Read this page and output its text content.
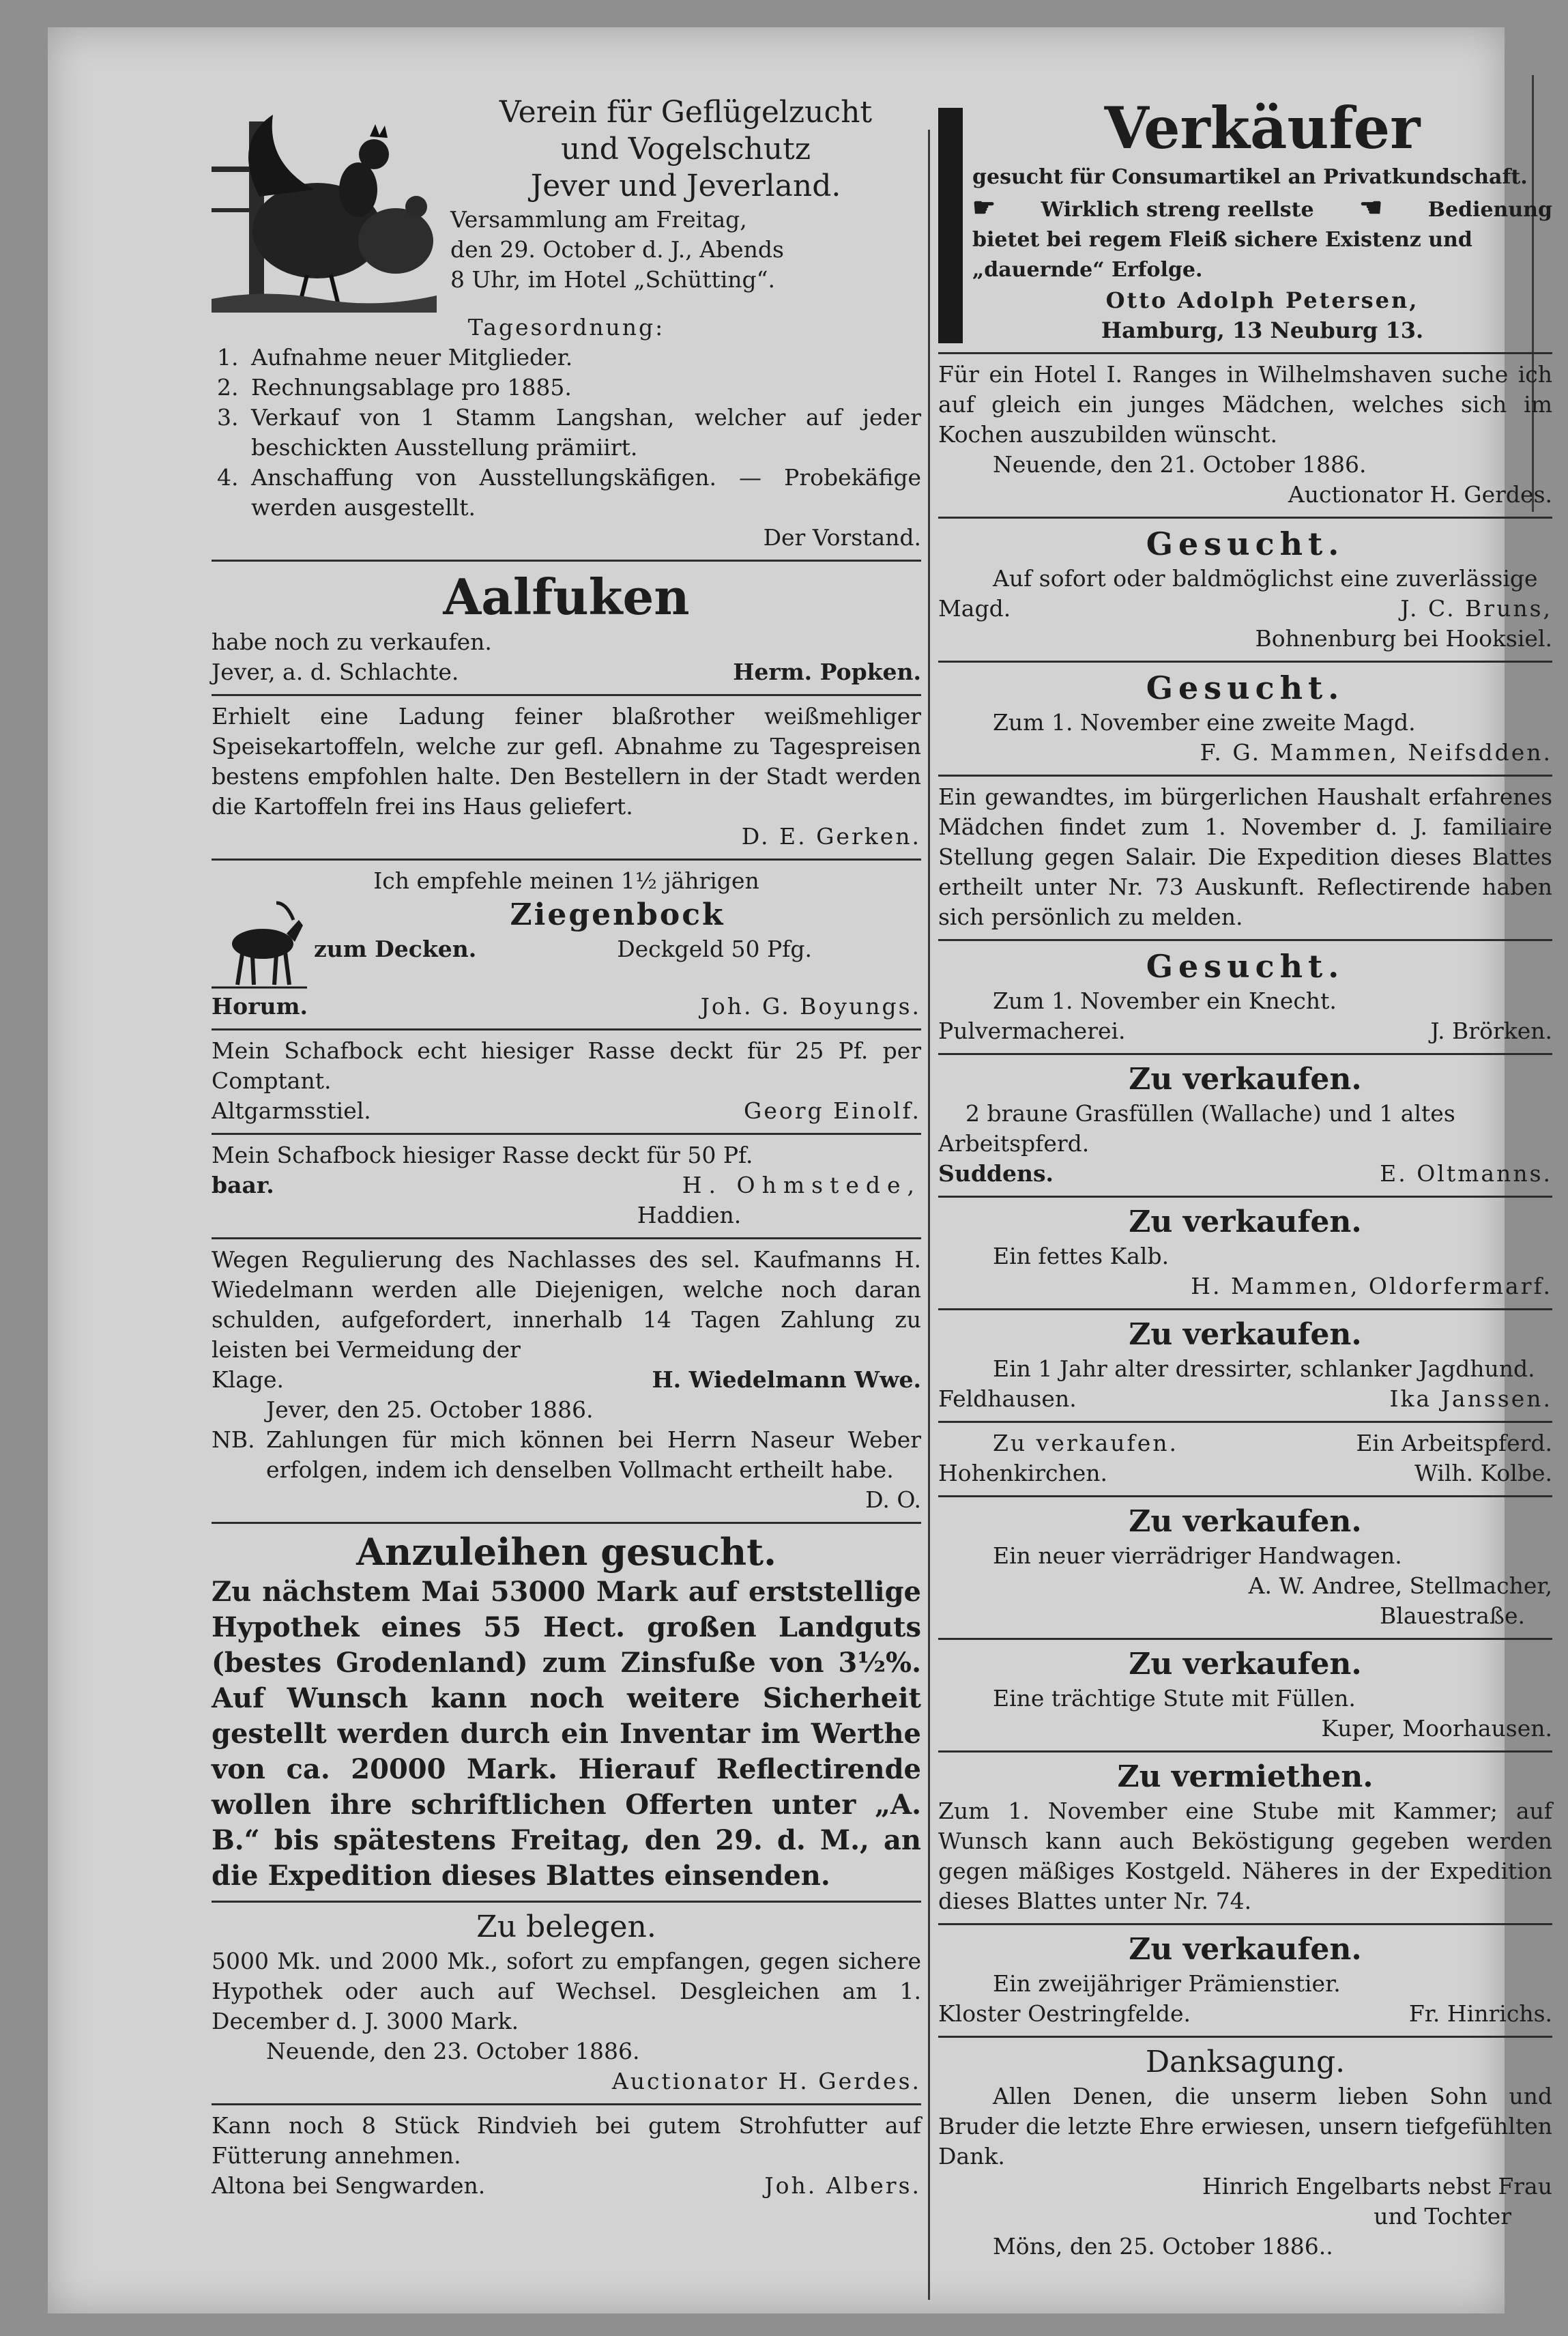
Verein für Geflügelzucht

und Vogelschutz

Jever und Jeverland.

Versammlung am Freitag,

den 29. October d. J., Abends

8 Uhr, im Hotel „Schütting“.

Tagesordnung:

1. Aufnahme neuer Mitglieder.
2. Rechnungsablage pro 1885.
3. Verkauf von 1 Stamm Langshan, welcher auf jeder beschickten Ausstellung prämiirt.
4. Anschaffung von Ausstellungskäfigen. — Probekäfige werden ausgestellt.

Der Vorstand.

Aalfuken

habe noch zu verkaufen.

Jever, a. d. Schlachte.	Herm. Popken.

Erhielt eine Ladung feiner blaßrother weißmehliger Speisekartoffeln, welche zur gefl. Abnahme zu Tagespreisen bestens empfohlen halte. Den Bestellern in der Stadt werden die Kartoffeln frei ins Haus geliefert.

D. E. Gerken.

Ich empfehle meinen 1½ jährigen

Ziegenbock

zum Decken.	Deckgeld 50 Pfg.
Horum.	Joh. G. Boyungs.

Mein Schafbock echt hiesiger Rasse deckt für 25 Pf. per Comptant.

Altgarmsstiel.	Georg Einolf.

Mein Schafbock hiesiger Rasse deckt für 50 Pf.

baar.	H. Ohmstede,

Haddien.

Wegen Regulierung des Nachlasses des sel. Kaufmanns H. Wiedelmann werden alle Diejenigen, welche noch daran schulden, aufgefordert, innerhalb 14 Tagen Zahlung zu leisten bei Vermeidung der

Klage.	H. Wiedelmann Wwe.

Jever, den 25. October 1886.

NB. Zahlungen für mich können bei Herrn Naseur Weber erfolgen, indem ich denselben Vollmacht ertheilt habe.

D. O.

Anzuleihen gesucht.

Zu nächstem Mai 53000 Mark auf erststellige Hypothek eines 55 Hect. großen Landguts (bestes Grodenland) zum Zinsfuße von 3½%. Auf Wunsch kann noch weitere Sicherheit gestellt werden durch ein Inventar im Werthe von ca. 20000 Mark. Hierauf Reflectirende wollen ihre schriftlichen Offerten unter „A. B.“ bis spätestens Freitag, den 29. d. M., an die Expedition dieses Blattes einsenden.

Zu belegen.

5000 Mk. und 2000 Mk., sofort zu empfangen, gegen sichere Hypothek oder auch auf Wechsel. Desgleichen am 1. December d. J. 3000 Mark.

Neuende, den 23. October 1886.

Auctionator H. Gerdes.

Kann noch 8 Stück Rindvieh bei gutem Strohfutter auf Fütterung annehmen.

Altona bei Sengwarden.	Joh. Albers.

Verkäufer

gesucht für Consumartikel an Privatkundschaft.

☛ Wirklich streng reellste ☚ Bedienung

bietet bei regem Fleiß sichere Existenz und

„dauernde“ Erfolge.

Otto Adolph Petersen,

Hamburg, 13 Neuburg 13.

Für ein Hotel I. Ranges in Wilhelmshaven suche ich auf gleich ein junges Mädchen, welches sich im Kochen auszubilden wünscht.

Neuende, den 21. October 1886.

Auctionator H. Gerdes.

Gesucht.

Auf sofort oder baldmöglichst eine zuverlässige

Magd.	J. C. Bruns,

Bohnenburg bei Hooksiel.

Gesucht.

Zum 1. November eine zweite Magd.

F. G. Mammen, Neifsdden.

Ein gewandtes, im bürgerlichen Haushalt erfahrenes Mädchen findet zum 1. November d. J. familiaire Stellung gegen Salair. Die Expedition dieses Blattes ertheilt unter Nr. 73 Auskunft. Reflectirende haben sich persönlich zu melden.

Gesucht.

Zum 1. November ein Knecht.

Pulvermacherei.	J. Brörken.

Zu verkaufen.

2 braune Grasfüllen (Wallache) und 1 altes

Arbeitspferd.

Suddens.	E. Oltmanns.

Zu verkaufen.

Ein fettes Kalb.

H. Mammen, Oldorfermarf.

Zu verkaufen.

Ein 1 Jahr alter dressirter, schlanker Jagdhund.

Feldhausen.	Ika Janssen.
Zu verkaufen.	Ein Arbeitspferd.
Hohenkirchen.	Wilh. Kolbe.

Zu verkaufen.

Ein neuer vierrädriger Handwagen.

A. W. Andree, Stellmacher,

Blauestraße.

Zu verkaufen.

Eine trächtige Stute mit Füllen.

Kuper, Moorhausen.

Zu vermiethen.

Zum 1. November eine Stube mit Kammer; auf Wunsch kann auch Beköstigung gegeben werden gegen mäßiges Kostgeld. Näheres in der Expedition dieses Blattes unter Nr. 74.

Zu verkaufen.

Ein zweijähriger Prämienstier.

Kloster Oestringfelde.	Fr. Hinrichs.

Danksagung.

Allen Denen, die unserm lieben Sohn und Bruder die letzte Ehre erwiesen, unsern tiefgefühlten Dank.

Hinrich Engelbarts nebst Frau

und Tochter

Möns, den 25. October 1886..
